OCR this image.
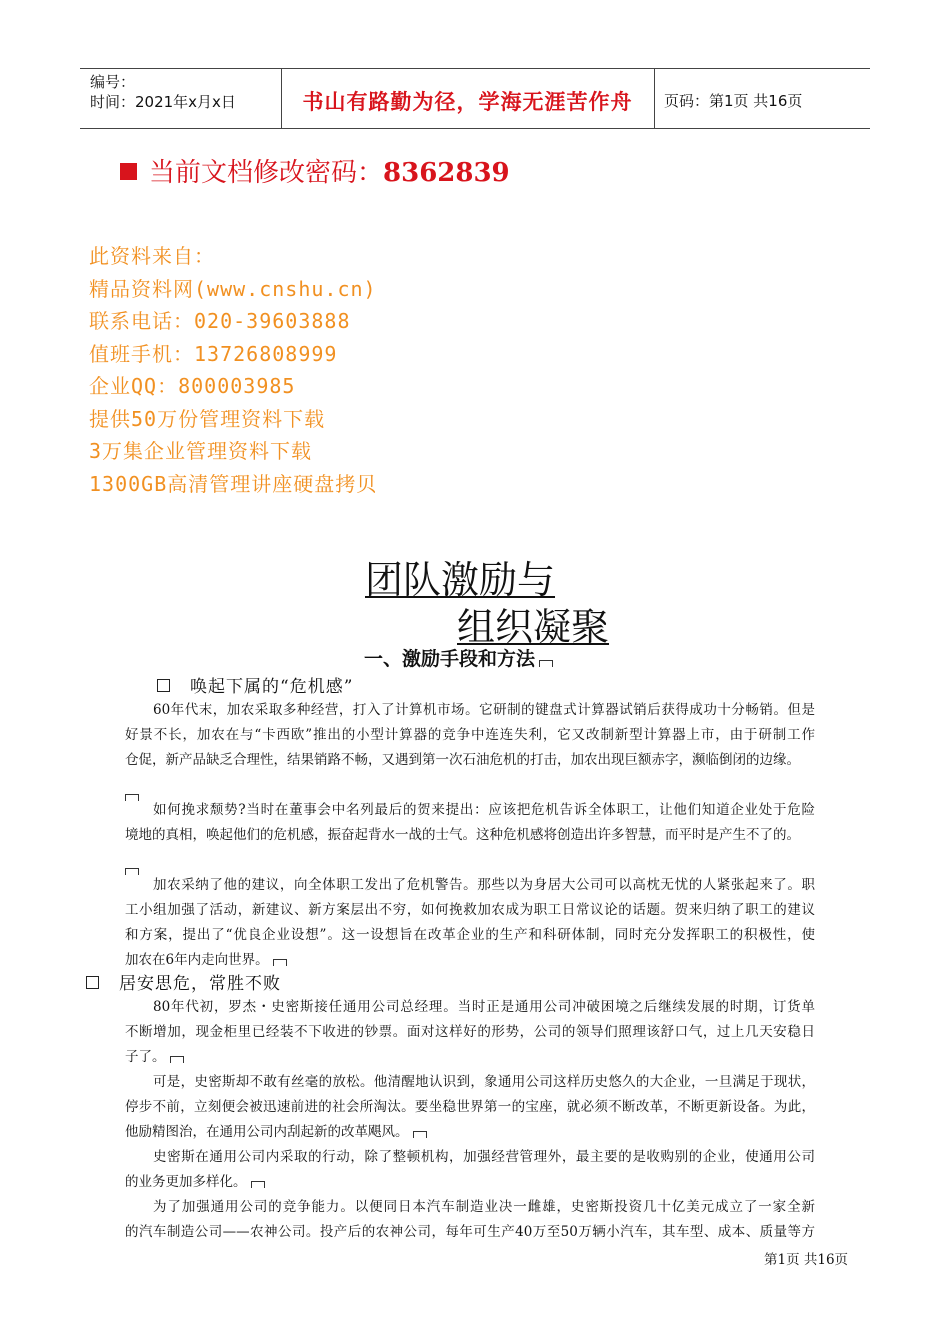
编号：
时间：2021年x月x日	书山有路勤为径，学海无涯苦作舟	页码：第1页 共16页
当前文档修改密码：8362839
此资料来自：
精品资料网(www.cnshu.cn)
联系电话：020-39603888
值班手机：13726808999
企业QQ：800003985
提供50万份管理资料下载
3万集企业管理资料下载
1300GB高清管理讲座硬盘拷贝
团队激励与
组织凝聚
一、激励手段和方法
唤起下属的“危机感”
60年代末，加农采取多种经营，打入了计算机市场。它研制的键盘式计算器试销后获得成功十分畅销。但是
好景不长，加农在与“卡西欧”推出的小型计算器的竞争中连连失利，它又改制新型计算器上市，由于研制工作
仓促，新产品缺乏合理性，结果销路不畅，又遇到第一次石油危机的打击，加农出现巨额赤字，濒临倒闭的边缘。
如何挽求颓势?当时在董事会中名列最后的贺来提出：应该把危机告诉全体职工，让他们知道企业处于危险
境地的真相，唤起他们的危机感，振奋起背水一战的士气。这种危机感将创造出许多智慧，而平时是产生不了的。
加农采纳了他的建议，向全体职工发出了危机警告。那些以为身居大公司可以高枕无忧的人紧张起来了。职
工小组加强了活动，新建议、新方案层出不穷，如何挽救加农成为职工日常议论的话题。贺来归纳了职工的建议
和方案，提出了“优良企业设想”。这一设想旨在改革企业的生产和科研体制，同时充分发挥职工的积极性，使
加农在6年内走向世界。
居安思危，常胜不败
80年代初，罗杰・史密斯接任通用公司总经理。当时正是通用公司冲破困境之后继续发展的时期，订货单
不断增加，现金柜里已经装不下收进的钞票。面对这样好的形势，公司的领导们照理该舒口气，过上几天安稳日
子了。
可是，史密斯却不敢有丝毫的放松。他清醒地认识到，象通用公司这样历史悠久的大企业，一旦满足于现状，
停步不前，立刻便会被迅速前进的社会所淘汰。要坐稳世界第一的宝座，就必须不断改革，不断更新设备。为此，
他励精图治，在通用公司内刮起新的改革飓风。
史密斯在通用公司内采取的行动，除了整顿机构，加强经营管理外，最主要的是收购别的企业，使通用公司
的业务更加多样化。
为了加强通用公司的竞争能力。以便同日本汽车制造业决一雌雄，史密斯投资几十亿美元成立了一家全新
的汽车制造公司——农神公司。投产后的农神公司，每年可生产40万至50万辆小汽车，其车型、成本、质量等方
第1页 共16页
